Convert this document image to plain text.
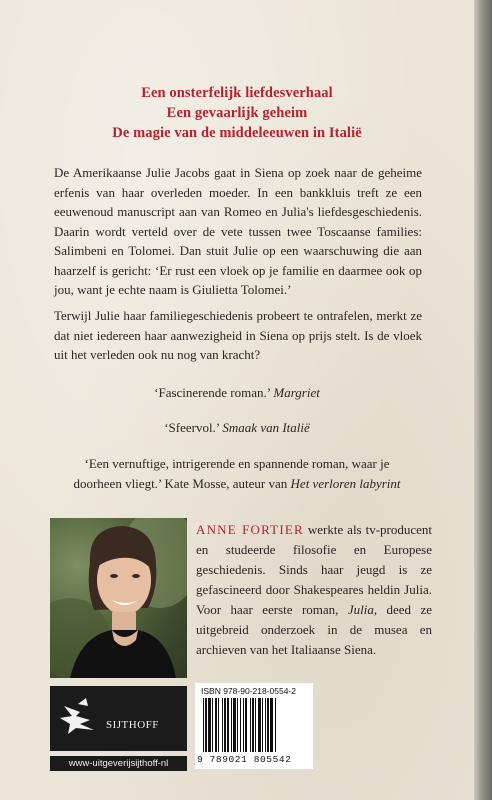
Een onsterfelijk liefdesverhaal
Een gevaarlijk geheim
De magie van de middeleeuwen in Italië
De Amerikaanse Julie Jacobs gaat in Siena op zoek naar de geheime erfenis van haar overleden moeder. In een bankkluis treft ze een eeuwenoud manuscript aan van Romeo en Julia's liefdesgeschiedenis. Daarin wordt verteld over de vete tussen twee Toscaanse families: Salimbeni en Tolomei. Dan stuit Julie op een waarschuwing die aan haarzelf is gericht: ‘Er rust een vloek op je familie en daarmee ook op jou, want je echte naam is Giulietta Tolomei.’
Terwijl Julie haar familiegeschiedenis probeert te ontrafelen, merkt ze dat niet iedereen haar aanwezigheid in Siena op prijs stelt. Is de vloek uit het verleden ook nu nog van kracht?
‘Fascinerende roman.’ Margriet
‘Sfeervol.’ Smaak van Italië
‘Een vernuftige, intrigerende en spannende roman, waar je
doorheen vliegt.’ Kate Mosse, auteur van Het verloren labyrint
ANNE FORTIER werkte als tv-producent en studeerde filosofie en Europese geschiedenis. Sinds haar jeugd is ze gefascineerd door Shakespeares heldin Julia. Voor haar eerste roman, Julia, deed ze uitgebreid onderzoek in de musea en archieven van het Italiaanse Siena.
SIJTHOFF
www-uitgeverijsijthoff-nl
ISBN 978-90-218-0554-2
9 789021 805542
